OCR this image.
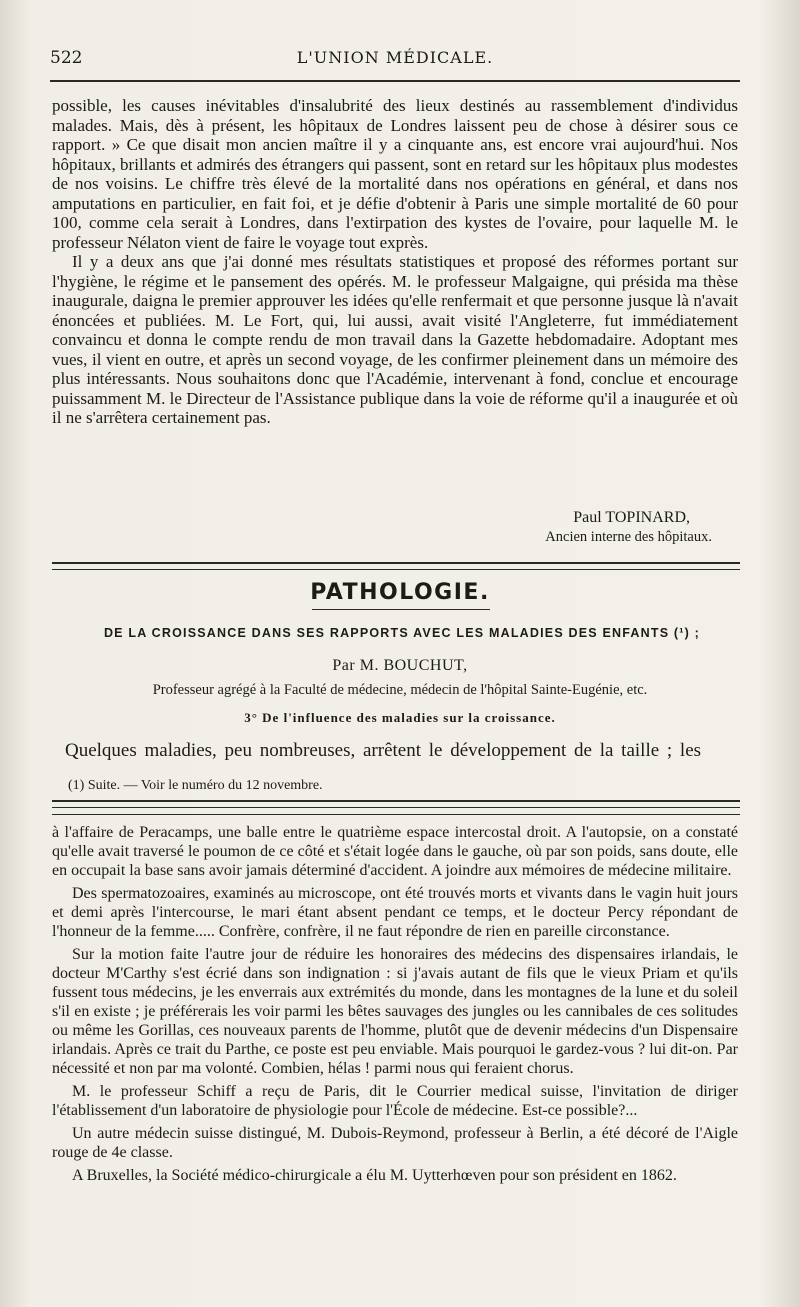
522	L'UNION MÉDICALE.

possible, les causes inévitables d'insalubrité des lieux destinés au rassemblement d'individus malades. Mais, dès à présent, les hôpitaux de Londres laissent peu de chose à désirer sous ce rapport. » Ce que disait mon ancien maître il y a cinquante ans, est encore vrai aujourd'hui. Nos hôpitaux, brillants et admirés des étrangers qui passent, sont en retard sur les hôpitaux plus modestes de nos voisins. Le chiffre très élevé de la mortalité dans nos opérations en général, et dans nos amputations en particulier, en fait foi, et je défie d'obtenir à Paris une simple mortalité de 60 pour 100, comme cela serait à Londres, dans l'extirpation des kystes de l'ovaire, pour laquelle M. le professeur Nélaton vient de faire le voyage tout exprès.

Il y a deux ans que j'ai donné mes résultats statistiques et proposé des réformes portant sur l'hygiène, le régime et le pansement des opérés. M. le professeur Malgaigne, qui présida ma thèse inaugurale, daigna le premier approuver les idées qu'elle renfermait et que personne jusque là n'avait énoncées et publiées. M. Le Fort, qui, lui aussi, avait visité l'Angleterre, fut immédiatement convaincu et donna le compte rendu de mon travail dans la Gazette hebdomadaire. Adoptant mes vues, il vient en outre, et après un second voyage, de les confirmer pleinement dans un mémoire des plus intéressants. Nous souhaitons donc que l'Académie, intervenant à fond, conclue et encourage puissamment M. le Directeur de l'Assistance publique dans la voie de réforme qu'il a inaugurée et où il ne s'arrêtera certainement pas.

Paul TOPINARD,
Ancien interne des hôpitaux.
PATHOLOGIE.
DE LA CROISSANCE DANS SES RAPPORTS AVEC LES MALADIES DES ENFANTS (¹) ;
Par M. BOUCHUT,
Professeur agrégé à la Faculté de médecine, médecin de l'hôpital Sainte-Eugénie, etc.
3° De l'influence des maladies sur la croissance.
Quelques maladies, peu nombreuses, arrêtent le développement de la taille ; les
(1) Suite. — Voir le numéro du 12 novembre.

à l'affaire de Peracamps, une balle entre le quatrième espace intercostal droit. A l'autopsie, on a constaté qu'elle avait traversé le poumon de ce côté et s'était logée dans le gauche, où par son poids, sans doute, elle en occupait la base sans avoir jamais déterminé d'accident. A joindre aux mémoires de médecine militaire.

Des spermatozoaires, examinés au microscope, ont été trouvés morts et vivants dans le vagin huit jours et demi après l'intercourse, le mari étant absent pendant ce temps, et le docteur Percy répondant de l'honneur de la femme..... Confrère, confrère, il ne faut répondre de rien en pareille circonstance.

Sur la motion faite l'autre jour de réduire les honoraires des médecins des dispensaires irlandais, le docteur M'Carthy s'est écrié dans son indignation : si j'avais autant de fils que le vieux Priam et qu'ils fussent tous médecins, je les enverrais aux extrémités du monde, dans les montagnes de la lune et du soleil s'il en existe ; je préférerais les voir parmi les bêtes sauvages des jungles ou les cannibales de ces solitudes ou même les Gorillas, ces nouveaux parents de l'homme, plutôt que de devenir médecins d'un Dispensaire irlandais. Après ce trait du Parthe, ce poste est peu enviable. Mais pourquoi le gardez-vous ? lui dit-on. Par nécessité et non par ma volonté. Combien, hélas ! parmi nous qui feraient chorus.

M. le professeur Schiff a reçu de Paris, dit le Courrier medical suisse, l'invitation de diriger l'établissement d'un laboratoire de physiologie pour l'École de médecine. Est-ce possible?...

Un autre médecin suisse distingué, M. Dubois-Reymond, professeur à Berlin, a été décoré de l'Aigle rouge de 4e classe.

A Bruxelles, la Société médico-chirurgicale a élu M. Uytterhœven pour son président en 1862.
